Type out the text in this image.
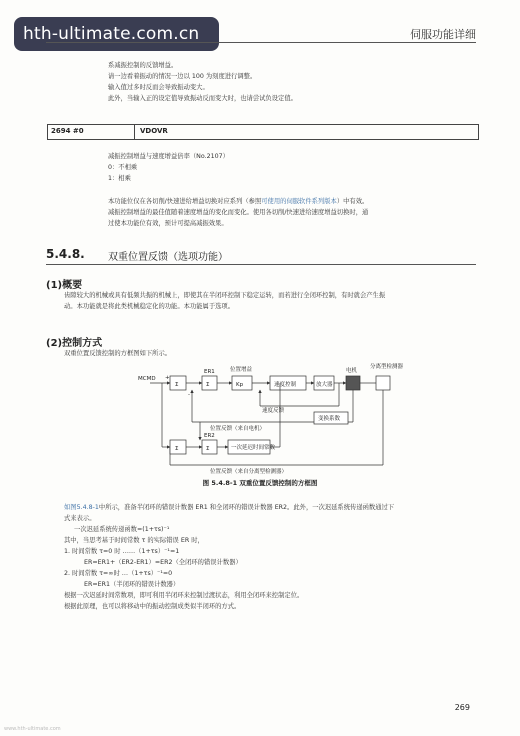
hth-ultimate.com.cn	伺服功能详细
系减振控制的反馈增益。
请一边看着振动的情况一边以 100 为刻度进行调整。
输入值过多时反而会导致振动变大。
此外，当输入正的设定值导致振动反而变大时，也请尝试负设定值。
2694 #0	VDOVR
减振控制增益与速度增益倍率（No.2107）
0：不相乘
1：相乘
本功能位仅在各切削/快速进给增益切换对应系列（参照可使用的伺服软件系列版本）中有效。
减振控制增益的最佳值随着速度增益的变化而变化。使用各切削/快速进给速度增益切换时，通
过使本功能位有效，预计可提高减振效果。
5.4.8. 双重位置反馈（选项功能）
(1)概要
齿隙较大的机械或具有低频共振的机械上，即使其在半闭环控制下稳定运转，而若进行全闭环控制，有时就会产生振
动。本功能就是将此类机械稳定化的功能。本功能属于选项。
(2)控制方式
双重位置反馈控制的方框图如下所示。
MCMD
Σ
ER1
Σ
位置增益
Kp	速度控制	放大器
电机
分离型检测器
速度反馈
变换系数
位置反馈（来自电机）
ER2
Σ	Σ	一次延迟时间常数
位置反馈（来自分离型检测器）
+
-
图 5.4.8-1 双重位置反馈控制的方框图
如图5.4.8-1中所示，准备半闭环的错误计数器 ER1 和全闭环的错误计数器 ER2。此外，一次迟延系统传递函数通过下
式来表示。
一次迟延系统传递函数=(1+τs)⁻¹
其中，当思考基于时间常数 τ 的实际错误 ER 时，
1. 时间常数 τ=0 时 ……（1+τs）⁻¹=1
ER=ER1+（ER2-ER1）=ER2（全闭环的错误计数器）
2. 时间常数 τ=∞时 …（1+τs）⁻¹=0
ER=ER1（半闭环的错误计数器）
根据一次迟延时间常数项，即可利用半闭环来控制过渡状态，利用全闭环来控制定位。
根据此原理，也可以将移动中的振动控制成类似半闭环的方式。
269
www.hth-ultimate.com
